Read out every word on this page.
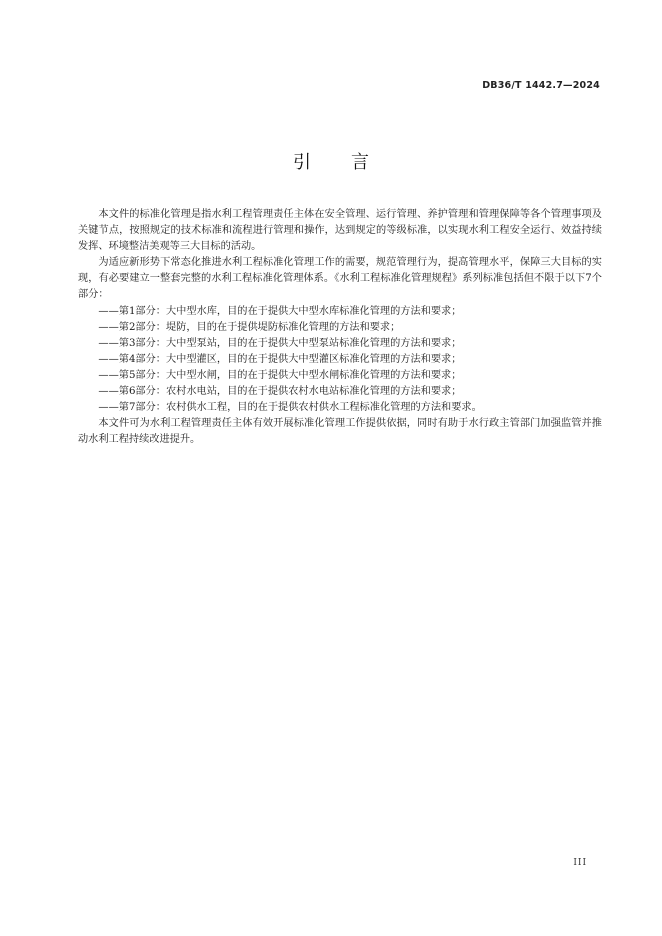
DB36/T 1442.7—2024
引言

本文件的标准化管理是指水利工程管理责任主体在安全管理、运行管理、养护管理和管理保障等各个管理事项及关键节点，按照规定的技术标准和流程进行管理和操作，达到规定的等级标准，以实现水利工程安全运行、效益持续发挥、环境整洁美观等三大目标的活动。

为适应新形势下常态化推进水利工程标准化管理工作的需要，规范管理行为，提高管理水平，保障三大目标的实现，有必要建立一整套完整的水利工程标准化管理体系。《水利工程标准化管理规程》系列标准包括但不限于以下7个部分：

——第1部分：大中型水库，目的在于提供大中型水库标准化管理的方法和要求；

——第2部分：堤防，目的在于提供堤防标准化管理的方法和要求；

——第3部分：大中型泵站，目的在于提供大中型泵站标准化管理的方法和要求；

——第4部分：大中型灌区，目的在于提供大中型灌区标准化管理的方法和要求；

——第5部分：大中型水闸，目的在于提供大中型水闸标准化管理的方法和要求；

——第6部分：农村水电站，目的在于提供农村水电站标准化管理的方法和要求；

——第7部分：农村供水工程，目的在于提供农村供水工程标准化管理的方法和要求。

本文件可为水利工程管理责任主体有效开展标准化管理工作提供依据，同时有助于水行政主管部门加强监管并推动水利工程持续改进提升。

III
